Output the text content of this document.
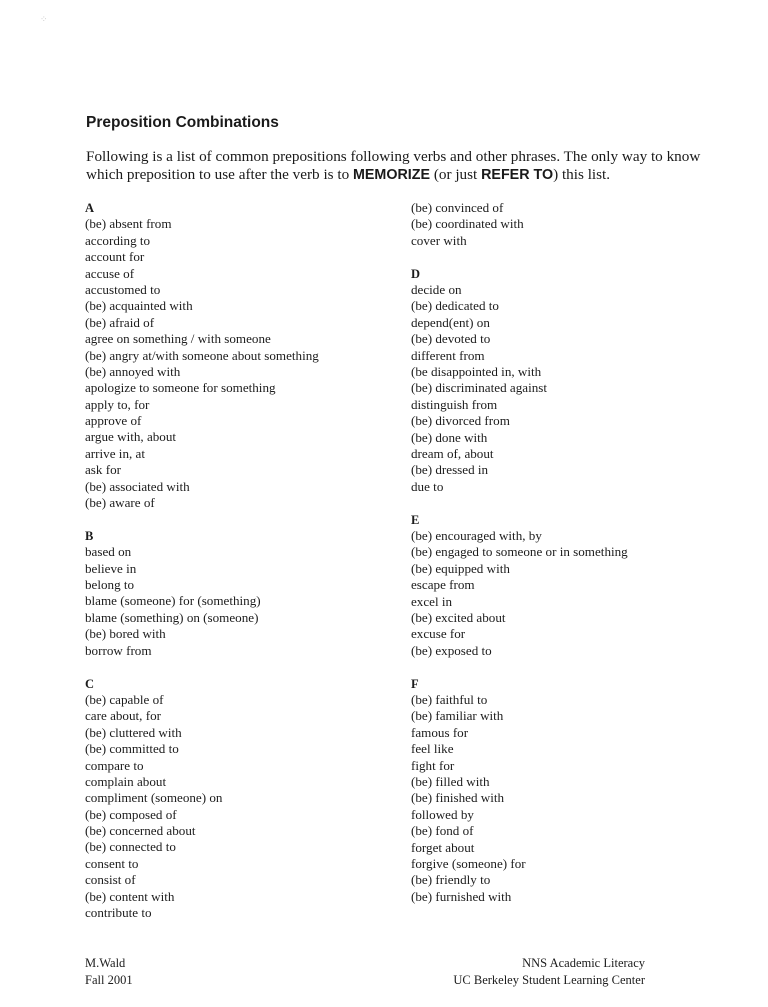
⁘
Preposition Combinations

Following is a list of common prepositions following verbs and other phrases. The only way to know which preposition to use after the verb is to MEMORIZE (or just REFER TO) this list.

A
(be) absent from
according to
account for
accuse of
accustomed to
(be) acquainted with
(be) afraid of
agree on something / with someone
(be) angry at/with someone about something
(be) annoyed with
apologize to someone for something
apply to, for
approve of
argue with, about
arrive in, at
ask for
(be) associated with
(be) aware of
B
based on
believe in
belong to
blame (someone) for (something)
blame (something) on (someone)
(be) bored with
borrow from
C
(be) capable of
care about, for
(be) cluttered with
(be) committed to
compare to
complain about
compliment (someone) on
(be) composed of
(be) concerned about
(be) connected to
consent to
consist of
(be) content with
contribute to
(be) convinced of
(be) coordinated with
cover with
D
decide on
(be) dedicated to
depend(ent) on
(be) devoted to
different from
(be disappointed in, with
(be) discriminated against
distinguish from
(be) divorced from
(be) done with
dream of, about
(be) dressed in
due to
E
(be) encouraged with, by
(be) engaged to someone or in something
(be) equipped with
escape from
excel in
(be) excited about
excuse for
(be) exposed to
F
(be) faithful to
(be) familiar with
famous for
feel like
fight for
(be) filled with
(be) finished with
followed by
(be) fond of
forget about
forgive (someone) for
(be) friendly to
(be) furnished with
M.Wald
Fall 2001
NNS Academic Literacy
UC Berkeley Student Learning Center
